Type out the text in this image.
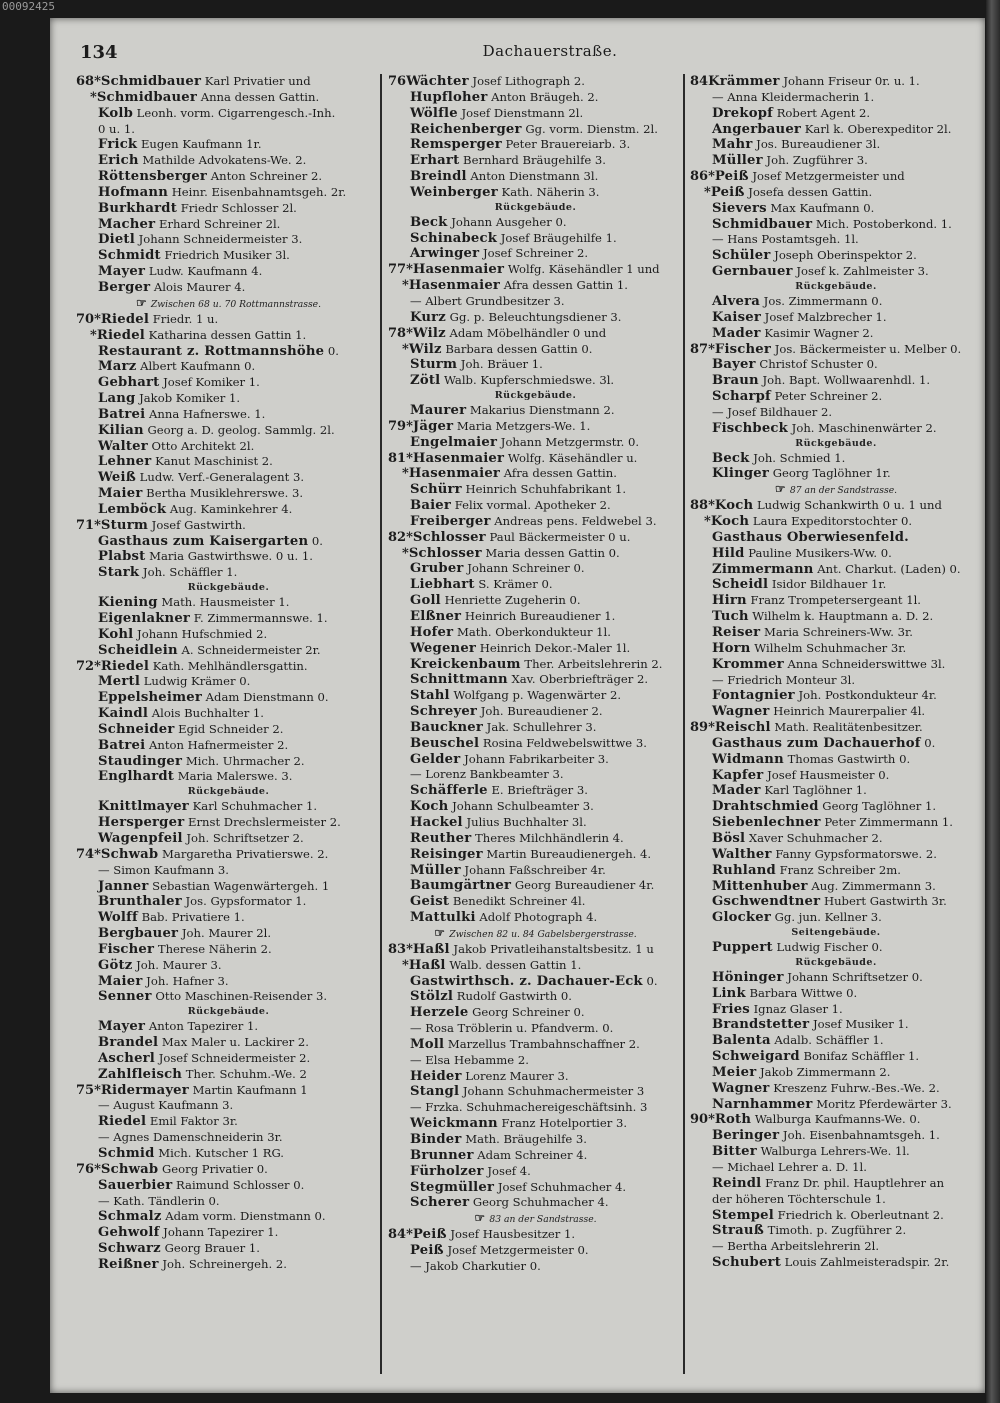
134	Dachauerstraße.
68*Schmidbauer Karl Privatier und
*Schmidbauer Anna dessen Gattin.
Kolb Leonh. vorm. Cigarrengesch.-Inh.
0 u. 1.
Frick Eugen Kaufmann 1r.
Erich Mathilde Advokatens-We. 2.
Röttensberger Anton Schreiner 2.
Hofmann Heinr. Eisenbahnamtsgeh. 2r.
Burkhardt Friedr Schlosser 2l.
Macher Erhard Schreiner 2l.
Dietl Johann Schneidermeister 3.
Schmidt Friedrich Musiker 3l.
Mayer Ludw. Kaufmann 4.
Berger Alois Maurer 4.
☞ Zwischen 68 u. 70 Rottmannstrasse.
70*Riedel Friedr. 1 u.
*Riedel Katharina dessen Gattin 1.
Restaurant z. Rottmannshöhe 0.
Marz Albert Kaufmann 0.
Gebhart Josef Komiker 1.
Lang Jakob Komiker 1.
Batrei Anna Hafnerswe. 1.
Kilian Georg a. D. geolog. Sammlg. 2l.
Walter Otto Architekt 2l.
Lehner Kanut Maschinist 2.
Weiß Ludw. Verf.-Generalagent 3.
Maier Bertha Musiklehrerswe. 3.
Lemböck Aug. Kaminkehrer 4.
71*Sturm Josef Gastwirth.
Gasthaus zum Kaisergarten 0.
Plabst Maria Gastwirthswe. 0 u. 1.
Stark Joh. Schäffler 1.
Rückgebäude.
Kiening Math. Hausmeister 1.
Eigenlakner F. Zimmermannswe. 1.
Kohl Johann Hufschmied 2.
Scheidlein A. Schneidermeister 2r.
72*Riedel Kath. Mehlhändlersgattin.
Mertl Ludwig Krämer 0.
Eppelsheimer Adam Dienstmann 0.
Kaindl Alois Buchhalter 1.
Schneider Egid Schneider 2.
Batrei Anton Hafnermeister 2.
Staudinger Mich. Uhrmacher 2.
Englhardt Maria Malerswe. 3.
Rückgebäude.
Knittlmayer Karl Schuhmacher 1.
Hersperger Ernst Drechslermeister 2.
Wagenpfeil Joh. Schriftsetzer 2.
74*Schwab Margaretha Privatierswe. 2.
— Simon Kaufmann 3.
Janner Sebastian Wagenwärtergeh. 1
Brunthaler Jos. Gypsformator 1.
Wolff Bab. Privatiere 1.
Bergbauer Joh. Maurer 2l.
Fischer Therese Näherin 2.
Götz Joh. Maurer 3.
Maier Joh. Hafner 3.
Senner Otto Maschinen-Reisender 3.
Rückgebäude.
Mayer Anton Tapezirer 1.
Brandel Max Maler u. Lackirer 2.
Ascherl Josef Schneidermeister 2.
Zahlfleisch Ther. Schuhm.-We. 2
75*Ridermayer Martin Kaufmann 1
— August Kaufmann 3.
Riedel Emil Faktor 3r.
— Agnes Damenschneiderin 3r.
Schmid Mich. Kutscher 1 RG.
76*Schwab Georg Privatier 0.
Sauerbier Raimund Schlosser 0.
— Kath. Tändlerin 0.
Schmalz Adam vorm. Dienstmann 0.
Gehwolf Johann Tapezirer 1.
Schwarz Georg Brauer 1.
Reißner Joh. Schreinergeh. 2.
76Wächter Josef Lithograph 2.
Hupfloher Anton Bräugeh. 2.
Wölfle Josef Dienstmann 2l.
Reichenberger Gg. vorm. Dienstm. 2l.
Remsperger Peter Brauereiarb. 3.
Erhart Bernhard Bräugehilfe 3.
Breindl Anton Dienstmann 3l.
Weinberger Kath. Näherin 3.
Rückgebäude.
Beck Johann Ausgeher 0.
Schinabeck Josef Bräugehilfe 1.
Arwinger Josef Schreiner 2.
77*Hasenmaier Wolfg. Käsehändler 1 und
*Hasenmaier Afra dessen Gattin 1.
— Albert Grundbesitzer 3.
Kurz Gg. p. Beleuchtungsdiener 3.
78*Wilz Adam Möbelhändler 0 und
*Wilz Barbara dessen Gattin 0.
Sturm Joh. Bräuer 1.
Zötl Walb. Kupferschmiedswe. 3l.
Rückgebäude.
Maurer Makarius Dienstmann 2.
79*Jäger Maria Metzgers-We. 1.
Engelmaier Johann Metzgermstr. 0.
81*Hasenmaier Wolfg. Käsehändler u.
*Hasenmaier Afra dessen Gattin.
Schürr Heinrich Schuhfabrikant 1.
Baier Felix vormal. Apotheker 2.
Freiberger Andreas pens. Feldwebel 3.
82*Schlosser Paul Bäckermeister 0 u.
*Schlosser Maria dessen Gattin 0.
Gruber Johann Schreiner 0.
Liebhart S. Krämer 0.
Goll Henriette Zugeherin 0.
Elßner Heinrich Bureaudiener 1.
Hofer Math. Oberkondukteur 1l.
Wegener Heinrich Dekor.-Maler 1l.
Kreickenbaum Ther. Arbeitslehrerin 2.
Schnittmann Xav. Oberbriefträger 2.
Stahl Wolfgang p. Wagenwärter 2.
Schreyer Joh. Bureaudiener 2.
Bauckner Jak. Schullehrer 3.
Beuschel Rosina Feldwebelswittwe 3.
Gelder Johann Fabrikarbeiter 3.
— Lorenz Bankbeamter 3.
Schäfferle E. Briefträger 3.
Koch Johann Schulbeamter 3.
Hackel Julius Buchhalter 3l.
Reuther Theres Milchhändlerin 4.
Reisinger Martin Bureaudienergeh. 4.
Müller Johann Faßschreiber 4r.
Baumgärtner Georg Bureaudiener 4r.
Geist Benedikt Schreiner 4l.
Mattulki Adolf Photograph 4.
☞ Zwischen 82 u. 84 Gabelsbergerstrasse.
83*Haßl Jakob Privatleihanstaltsbesitz. 1 u
*Haßl Walb. dessen Gattin 1.
Gastwirthsch. z. Dachauer-Eck 0.
Stölzl Rudolf Gastwirth 0.
Herzele Georg Schreiner 0.
— Rosa Tröblerin u. Pfandverm. 0.
Moll Marzellus Trambahnschaffner 2.
— Elsa Hebamme 2.
Heider Lorenz Maurer 3.
Stangl Johann Schuhmachermeister 3
— Frzka. Schuhmachereigeschäftsinh. 3
Weickmann Franz Hotelportier 3.
Binder Math. Bräugehilfe 3.
Brunner Adam Schreiner 4.
Fürholzer Josef 4.
Stegmüller Josef Schuhmacher 4.
Scherer Georg Schuhmacher 4.
☞ 83 an der Sandstrasse.
84*Peiß Josef Hausbesitzer 1.
Peiß Josef Metzgermeister 0.
— Jakob Charkutier 0.
84Krämmer Johann Friseur 0r. u. 1.
— Anna Kleidermacherin 1.
Drekopf Robert Agent 2.
Angerbauer Karl k. Oberexpeditor 2l.
Mahr Jos. Bureaudiener 3l.
Müller Joh. Zugführer 3.
86*Peiß Josef Metzgermeister und
*Peiß Josefa dessen Gattin.
Sievers Max Kaufmann 0.
Schmidbauer Mich. Postoberkond. 1.
— Hans Postamtsgeh. 1l.
Schüler Joseph Oberinspektor 2.
Gernbauer Josef k. Zahlmeister 3.
Rückgebäude.
Alvera Jos. Zimmermann 0.
Kaiser Josef Malzbrecher 1.
Mader Kasimir Wagner 2.
87*Fischer Jos. Bäckermeister u. Melber 0.
Bayer Christof Schuster 0.
Braun Joh. Bapt. Wollwaarenhdl. 1.
Scharpf Peter Schreiner 2.
— Josef Bildhauer 2.
Fischbeck Joh. Maschinenwärter 2.
Rückgebäude.
Beck Joh. Schmied 1.
Klinger Georg Taglöhner 1r.
☞ 87 an der Sandstrasse.
88*Koch Ludwig Schankwirth 0 u. 1 und
*Koch Laura Expeditorstochter 0.
Gasthaus Oberwiesenfeld.
Hild Pauline Musikers-Ww. 0.
Zimmermann Ant. Charkut. (Laden) 0.
Scheidl Isidor Bildhauer 1r.
Hirn Franz Trompetersergeant 1l.
Tuch Wilhelm k. Hauptmann a. D. 2.
Reiser Maria Schreiners-Ww. 3r.
Horn Wilhelm Schuhmacher 3r.
Krommer Anna Schneiderswittwe 3l.
— Friedrich Monteur 3l.
Fontagnier Joh. Postkondukteur 4r.
Wagner Heinrich Maurerpalier 4l.
89*Reischl Math. Realitätenbesitzer.
Gasthaus zum Dachauerhof 0.
Widmann Thomas Gastwirth 0.
Kapfer Josef Hausmeister 0.
Mader Karl Taglöhner 1.
Drahtschmied Georg Taglöhner 1.
Siebenlechner Peter Zimmermann 1.
Bösl Xaver Schuhmacher 2.
Walther Fanny Gypsformatorswe. 2.
Ruhland Franz Schreiber 2m.
Mittenhuber Aug. Zimmermann 3.
Gschwendtner Hubert Gastwirth 3r.
Glocker Gg. jun. Kellner 3.
Seitengebäude.
Puppert Ludwig Fischer 0.
Rückgebäude.
Höninger Johann Schriftsetzer 0.
Link Barbara Wittwe 0.
Fries Ignaz Glaser 1.
Brandstetter Josef Musiker 1.
Balenta Adalb. Schäffler 1.
Schweigard Bonifaz Schäffler 1.
Meier Jakob Zimmermann 2.
Wagner Kreszenz Fuhrw.-Bes.-We. 2.
Narnhammer Moritz Pferdewärter 3.
90*Roth Walburga Kaufmanns-We. 0.
Beringer Joh. Eisenbahnamtsgeh. 1.
Bitter Walburga Lehrers-We. 1l.
— Michael Lehrer a. D. 1l.
Reindl Franz Dr. phil. Hauptlehrer an
der höheren Töchterschule 1.
Stempel Friedrich k. Oberleutnant 2.
Strauß Timoth. p. Zugführer 2.
— Bertha Arbeitslehrerin 2l.
Schubert Louis Zahlmeisteradspir. 2r.
00092425
